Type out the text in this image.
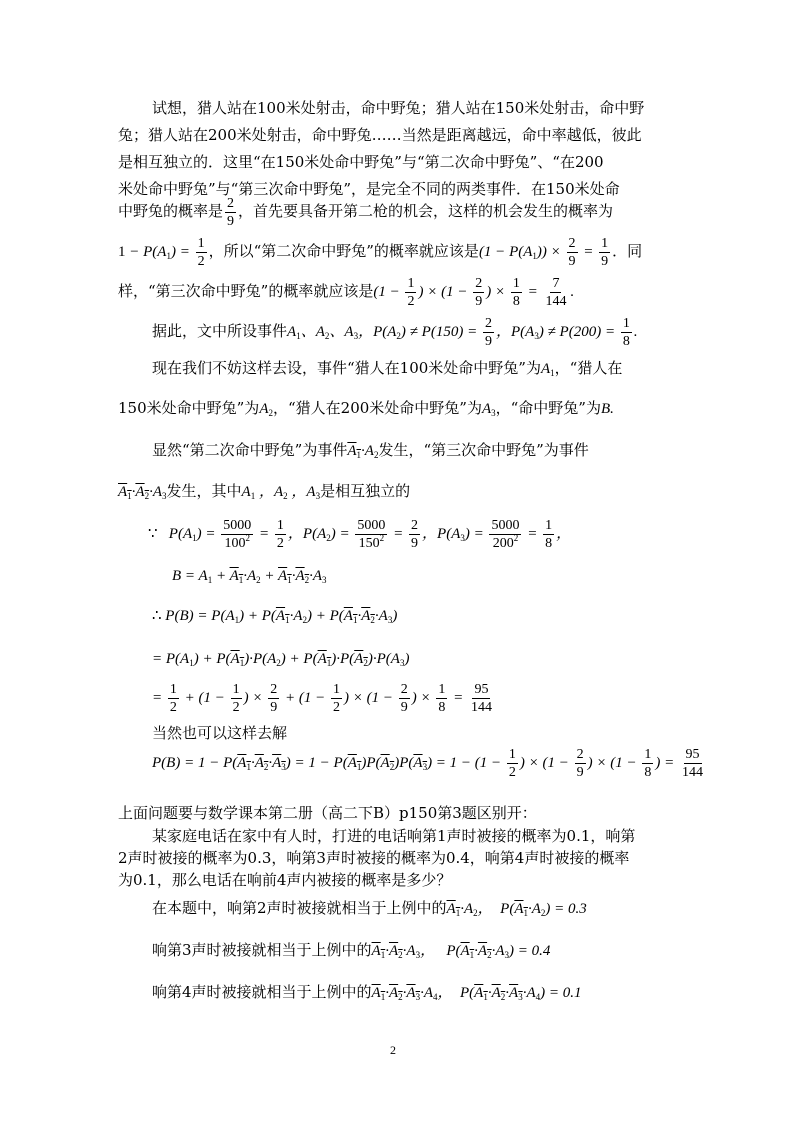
试想，猎人站在100米处射击，命中野兔；猎人站在150米处射击，命中野
兔；猎人站在200米处射击，命中野兔……当然是距离越远，命中率越低，彼此
是相互独立的．这里“在150米处命中野兔”与“第二次命中野兔”、“在200
米处命中野兔”与“第三次命中野兔”，是完全不同的两类事件．在150米处命
中野兔的概率是 $\frac{2}{9}$ ，首先要具备开第二枪的机会，这样的机会发生的概率为
$1 - P(A_1) = \frac{1}{2}$ ，所以“第二次命中野兔”的概率就应该是$(1 - P(A_1)) \times \frac{2}{9} = \frac{1}{9}$ ．同
样，“第三次命中野兔”的概率就应该是($1 - \frac{1}{2}$ ) × ($1 - \frac{2}{9}$ ) × $\frac{1}{8} = \frac{7}{144}$ .
据此，文中所设事件$A_1$、$A_2$、$A_3$，$P(A_2) \ne P(150) = \frac{2}{9}$ ，$P(A_3) \ne P(200) = \frac{1}{8}$ .
现在我们不妨这样去设，事件“猎人在100米处命中野兔”为$A_1$，“猎人在
150米处命中野兔”为$A_2$，“猎人在200米处命中野兔”为$A_3$，“命中野兔”为B.
显然“第二次命中野兔”为事件$A_1\cdot A_2$发生，“第三次命中野兔”为事件
$A_1\cdot A_2\cdot A_3$发生，其中$A_1$ ，$A_2$ ，$A_3$是相互独立的
∵ $P(A_1) = \frac{5000}{100^2} = \frac{1}{2}$ ，$P(A_2) = \frac{5000}{150^2} = \frac{2}{9}$ ，$P(A_3) = \frac{5000}{200^2} = \frac{1}{8}$ ，
$B = A_1 + A_1\cdot A_2 + A_1\cdot A_2\cdot A_3$
∴ $P(B) = P(A_1) + P(A_1\cdot A_2) + P(A_1\cdot A_2\cdot A_3)$
= $P(A_1) + P(A_1)\cdot P(A_2) + P(A_1)\cdot P(A_2)\cdot P(A_3)$
= $\frac{1}{2} + (1 - \frac{1}{2}$ ) × $\frac{2}{9} + (1 - \frac{1}{2}$ ) × ($1 - \frac{2}{9}$ ) × $\frac{1}{8} = \frac{95}{144}$
当然也可以这样去解
$P(B) = 1 - P(A_1\cdot A_2\cdot A_3) = 1 - P(A_1)P(A_2)P(A_3) = 1 - (1 - \frac{1}{2}$ ) × ($1 - \frac{2}{9}$ ) × ($1 - \frac{1}{8}$ ) = $\frac{95}{144}$
上面问题要与数学课本第二册（高二下B）p150第3题区别开：
某家庭电话在家中有人时，打进的电话响第1声时被接的概率为0.1，响第
2声时被接的概率为0.3，响第3声时被接的概率为0.4，响第4声时被接的概率
为0.1，那么电话在响前4声内被接的概率是多少？
在本题中，响第2声时被接就相当于上例中的$A_1\cdot A_2$，  $P(A_1\cdot A_2) = 0.3$
响第3声时被接就相当于上例中的$A_1\cdot A_2\cdot A_3$，   $P(A_1\cdot A_2\cdot A_3) = 0.4$
响第4声时被接就相当于上例中的$A_1\cdot A_2\cdot A_3\cdot A_4$，  $P(A_1\cdot A_2\cdot A_3\cdot A_4) = 0.1$
2
